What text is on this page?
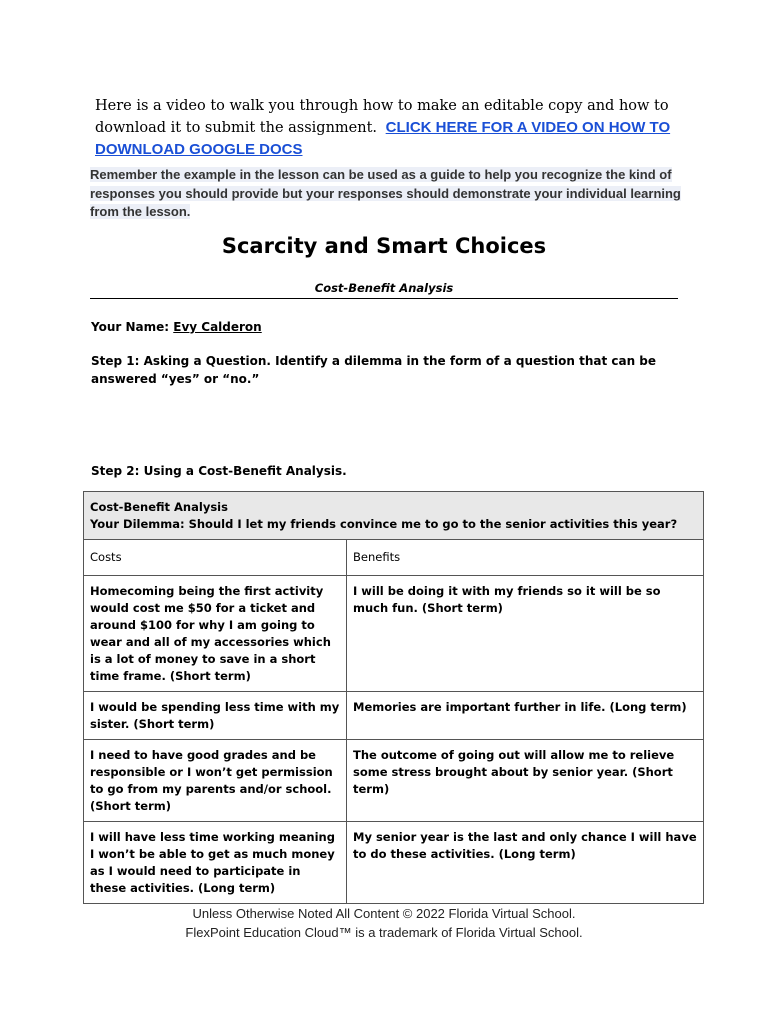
Here is a video to walk you through how to make an editable copy and how to download it to submit the assignment. CLICK HERE FOR A VIDEO ON HOW TO DOWNLOAD GOOGLE DOCS
Remember the example in the lesson can be used as a guide to help you recognize the kind of responses you should provide but your responses should demonstrate your individual learning from the lesson.
Scarcity and Smart Choices
Cost-Benefit Analysis
Your Name: Evy Calderon
Step 1: Asking a Question. Identify a dilemma in the form of a question that can be answered “yes” or “no.”
Step 2: Using a Cost-Benefit Analysis.
Cost-Benefit Analysis
Your Dilemma: Should I let my friends convince me to go to the senior activities this year?	

Costs	Benefits
Homecoming being the first activity would cost me $50 for a ticket and around $100 for why I am going to wear and all of my accessories which is a lot of money to save in a short time frame. (Short term)	I will be doing it with my friends so it will be so much fun. (Short term)
I would be spending less time with my sister. (Short term)	Memories are important further in life. (Long term)
I need to have good grades and be responsible or I won’t get permission to go from my parents and/or school. (Short term)	The outcome of going out will allow me to relieve some stress brought about by senior year. (Short term)
I will have less time working meaning I won’t be able to get as much money as I would need to participate in these activities. (Long term)	My senior year is the last and only chance I will have to do these activities. (Long term)
Unless Otherwise Noted All Content © 2022 Florida Virtual School.
FlexPoint Education Cloud™ is a trademark of Florida Virtual School.
